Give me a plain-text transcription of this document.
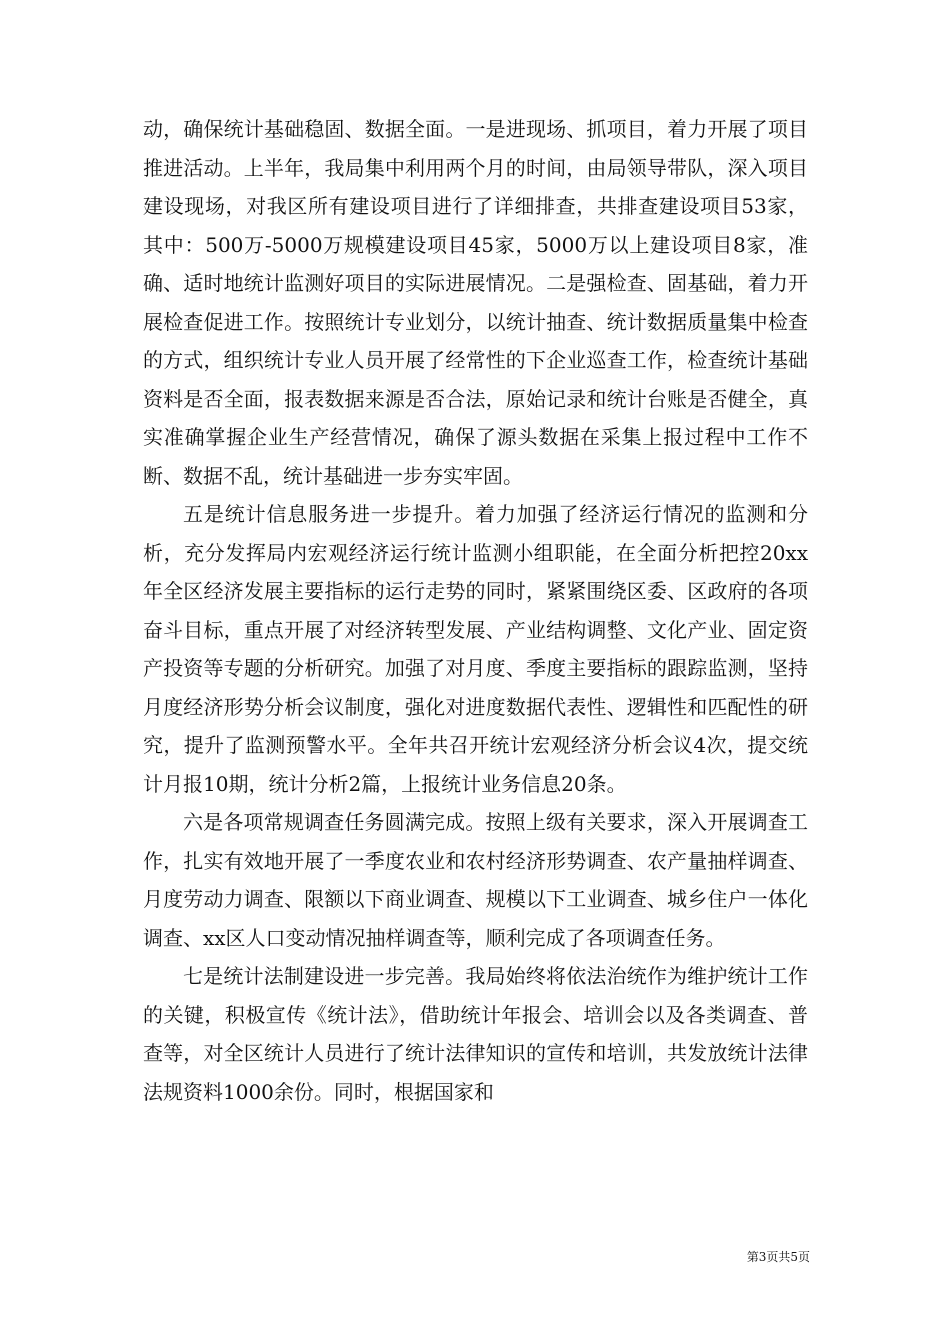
动，确保统计基础稳固、数据全面。一是进现场、抓项目，着力开展了项目推进活动。上半年，我局集中利用两个月的时间，由局领导带队，深入项目建设现场，对我区所有建设项目进行了详细排查，共排查建设项目53家，其中：500万-5000万规模建设项目45家，5000万以上建设项目8家，准确、适时地统计监测好项目的实际进展情况。二是强检查、固基础，着力开展检查促进工作。按照统计专业划分，以统计抽查、统计数据质量集中检查的方式，组织统计专业人员开展了经常性的下企业巡查工作，检查统计基础资料是否全面，报表数据来源是否合法，原始记录和统计台账是否健全，真实准确掌握企业生产经营情况，确保了源头数据在采集上报过程中工作不断、数据不乱，统计基础进一步夯实牢固。

五是统计信息服务进一步提升。着力加强了经济运行情况的监测和分析，充分发挥局内宏观经济运行统计监测小组职能，在全面分析把控20xx年全区经济发展主要指标的运行走势的同时，紧紧围绕区委、区政府的各项奋斗目标，重点开展了对经济转型发展、产业结构调整、文化产业、固定资产投资等专题的分析研究。加强了对月度、季度主要指标的跟踪监测，坚持月度经济形势分析会议制度，强化对进度数据代表性、逻辑性和匹配性的研究，提升了监测预警水平。全年共召开统计宏观经济分析会议4次，提交统计月报10期，统计分析2篇，上报统计业务信息20条。

六是各项常规调查任务圆满完成。按照上级有关要求，深入开展调查工作，扎实有效地开展了一季度农业和农村经济形势调查、农产量抽样调查、月度劳动力调查、限额以下商业调查、规模以下工业调查、城乡住户一体化调查、xx区人口变动情况抽样调查等，顺利完成了各项调查任务。

七是统计法制建设进一步完善。我局始终将依法治统作为维护统计工作的关键，积极宣传《统计法》，借助统计年报会、培训会以及各类调查、普查等，对全区统计人员进行了统计法律知识的宣传和培训，共发放统计法律法规资料1000余份。同时，根据国家和

第3页共5页
